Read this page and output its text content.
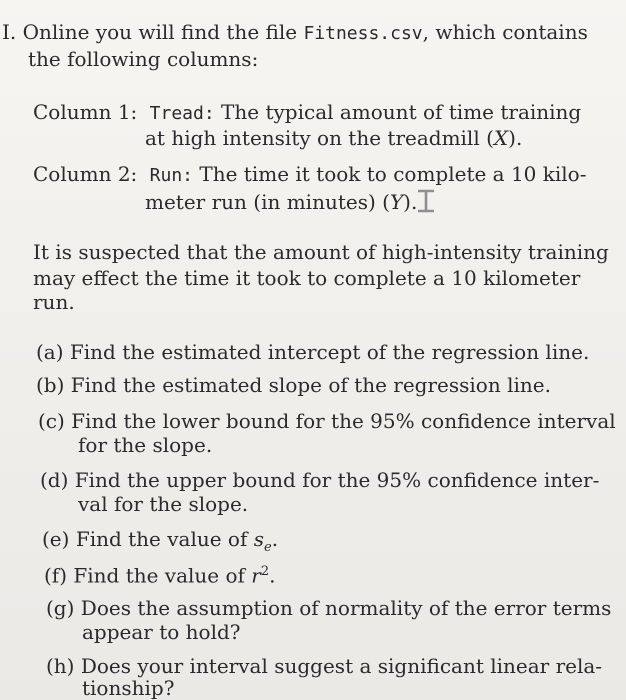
I. Online you will find the file Fitness.csv, which contains
the following columns:
Column 1: Tread: The typical amount of time training
at high intensity on the treadmill (X).
Column 2: Run: The time it took to complete a 10 kilo-
meter run (in minutes) (Y).
It is suspected that the amount of high-intensity training
may effect the time it took to complete a 10 kilometer
run.
(a) Find the estimated intercept of the regression line.
(b) Find the estimated slope of the regression line.
(c) Find the lower bound for the 95% confidence interval
for the slope.
(d) Find the upper bound for the 95% confidence inter-
val for the slope.
(e) Find the value of $s_e$.
(f) Find the value of $r^2$.
(g) Does the assumption of normality of the error terms
appear to hold?
(h) Does your interval suggest a significant linear rela-
tionship?
